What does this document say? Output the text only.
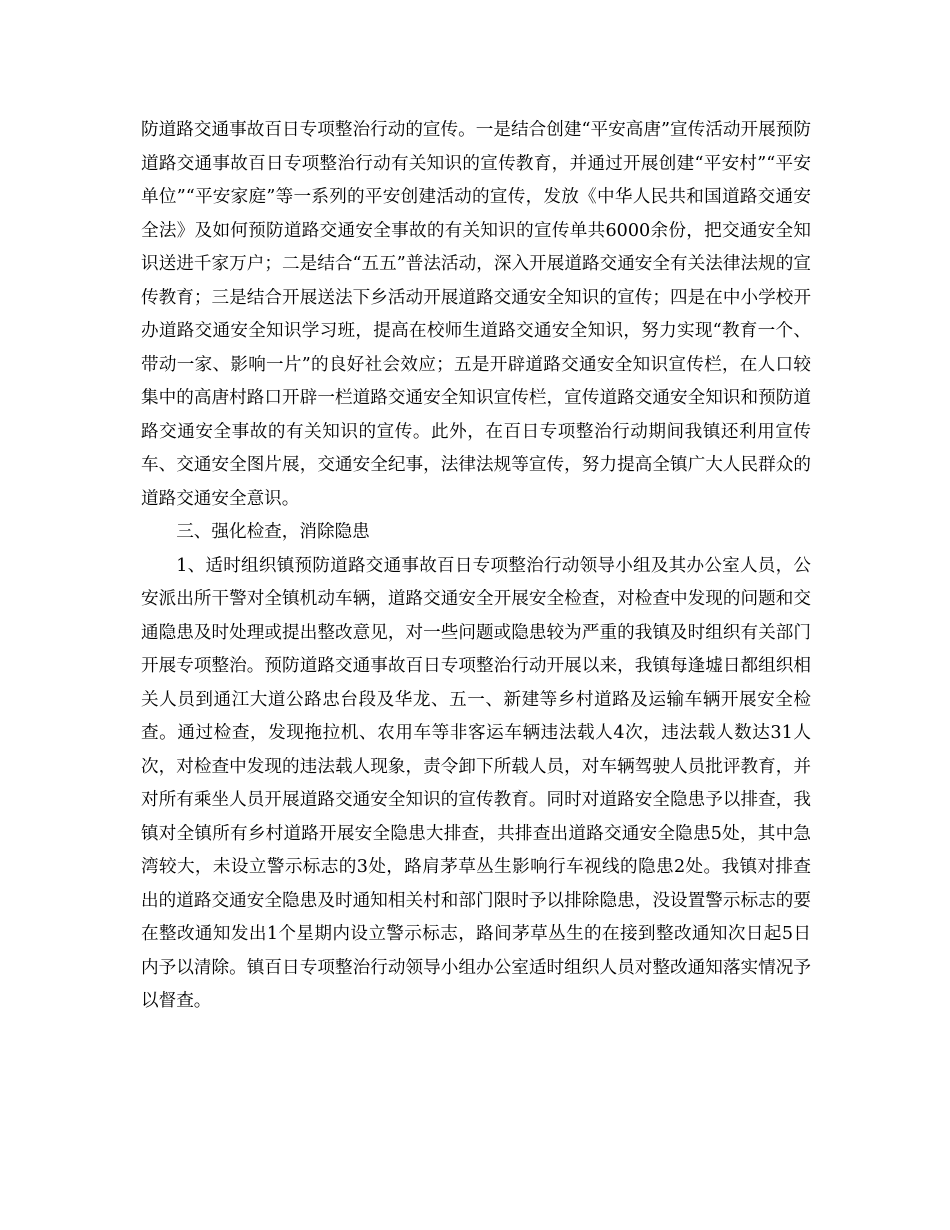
防道路交通事故百日专项整治行动的宣传。一是结合创建“平安高唐”宣传活动开展预防道路交通事故百日专项整治行动有关知识的宣传教育，并通过开展创建“平安村”“平安单位”“平安家庭”等一系列的平安创建活动的宣传，发放《中华人民共和国道路交通安全法》及如何预防道路交通安全事故的有关知识的宣传单共6000余份，把交通安全知识送进千家万户；二是结合“五五”普法活动，深入开展道路交通安全有关法律法规的宣传教育；三是结合开展送法下乡活动开展道路交通安全知识的宣传；四是在中小学校开办道路交通安全知识学习班，提高在校师生道路交通安全知识，努力实现“教育一个、带动一家、影响一片”的良好社会效应；五是开辟道路交通安全知识宣传栏，在人口较集中的高唐村路口开辟一栏道路交通安全知识宣传栏，宣传道路交通安全知识和预防道路交通安全事故的有关知识的宣传。此外，在百日专项整治行动期间我镇还利用宣传车、交通安全图片展，交通安全纪事，法律法规等宣传，努力提高全镇广大人民群众的道路交通安全意识。

三、强化检查，消除隐患

1、适时组织镇预防道路交通事故百日专项整治行动领导小组及其办公室人员，公安派出所干警对全镇机动车辆，道路交通安全开展安全检查，对检查中发现的问题和交通隐患及时处理或提出整改意见，对一些问题或隐患较为严重的我镇及时组织有关部门开展专项整治。预防道路交通事故百日专项整治行动开展以来，我镇每逢墟日都组织相关人员到通江大道公路忠台段及华龙、五一、新建等乡村道路及运输车辆开展安全检查。通过检查，发现拖拉机、农用车等非客运车辆违法载人4次，违法载人数达31人次，对检查中发现的违法载人现象，责令卸下所载人员，对车辆驾驶人员批评教育，并对所有乘坐人员开展道路交通安全知识的宣传教育。同时对道路安全隐患予以排查，我镇对全镇所有乡村道路开展安全隐患大排查，共排查出道路交通安全隐患5处，其中急湾较大，未设立警示标志的3处，路肩茅草丛生影响行车视线的隐患2处。我镇对排查出的道路交通安全隐患及时通知相关村和部门限时予以排除隐患，没设置警示标志的要在整改通知发出1个星期内设立警示标志，路间茅草丛生的在接到整改通知次日起5日内予以清除。镇百日专项整治行动领导小组办公室适时组织人员对整改通知落实情况予以督查。
